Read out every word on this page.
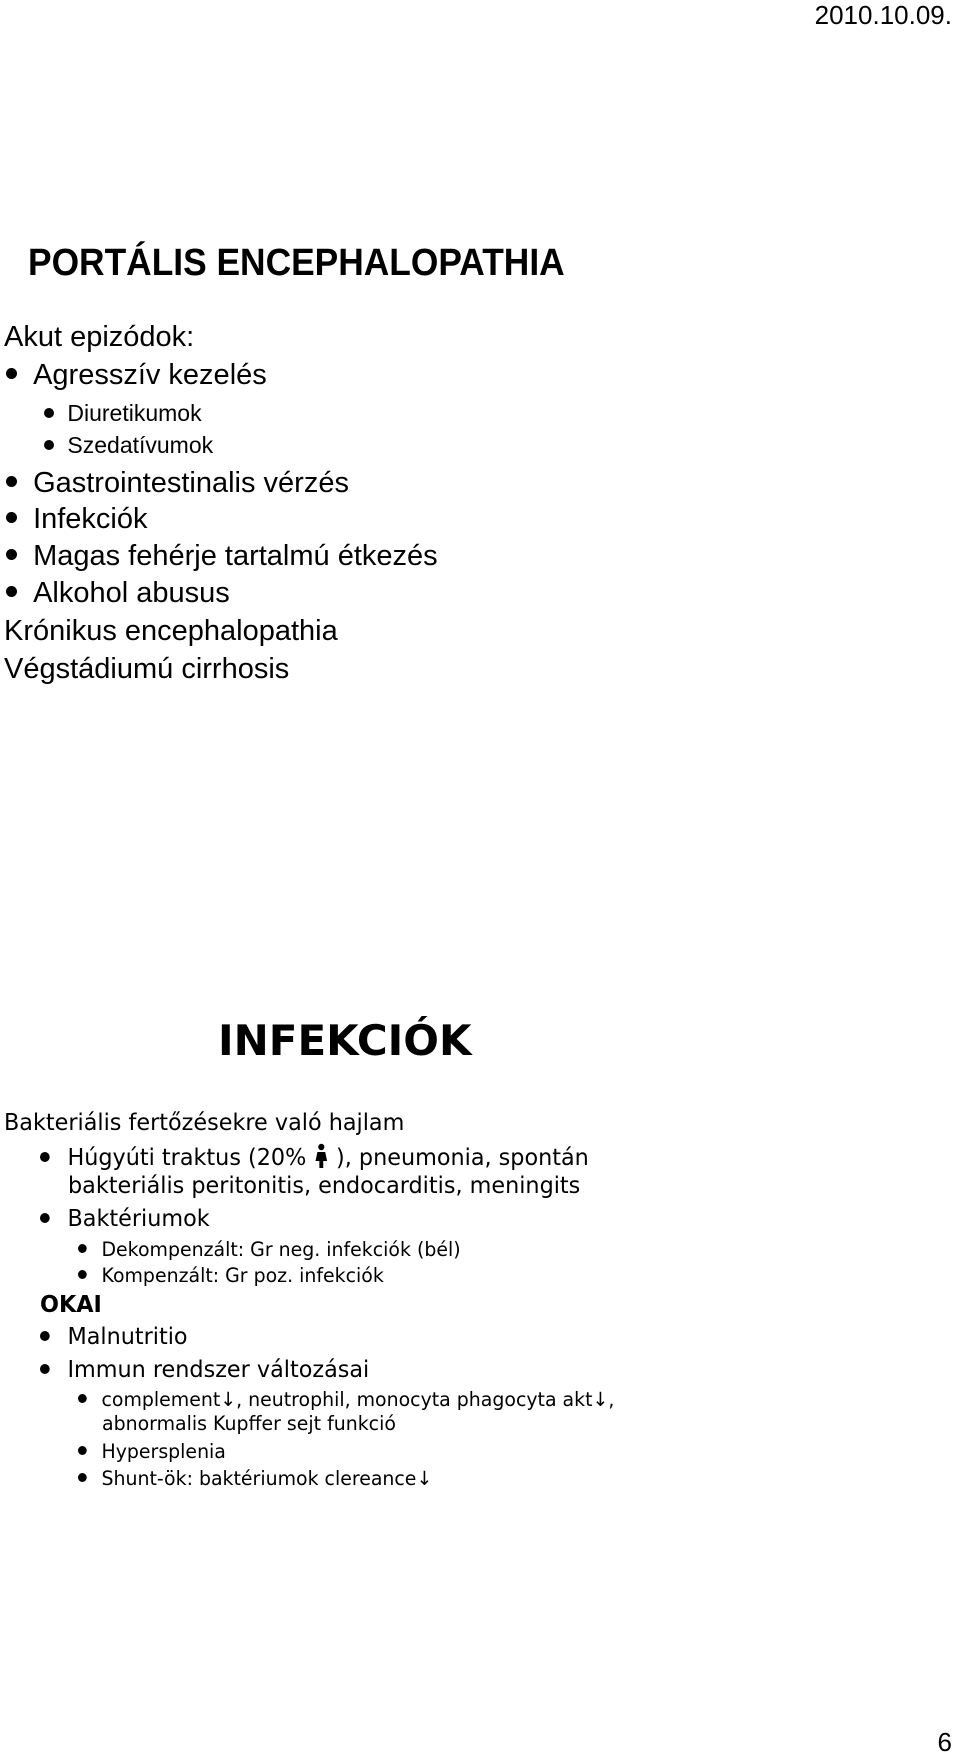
2010.10.09.
PORTÁLIS ENCEPHALOPATHIA
Akut epizódok:
Agresszív kezelés
Diuretikumok
Szedatívumok
Gastrointestinalis vérzés
Infekciók
Magas fehérje tartalmú étkezés
Alkohol abusus
Krónikus encephalopathia
Végstádiumú cirrhosis
INFEKCIÓK
Bakteriális fertőzésekre való hajlam
Húgyúti traktus (20% ), pneumonia, spontán
bakteriális peritonitis, endocarditis, meningits
Baktériumok
Dekompenzált: Gr neg. infekciók (bél)
Kompenzált: Gr poz. infekciók
OKAI
Malnutritio
Immun rendszer változásai
complement↓, neutrophil, monocyta phagocyta akt↓,
abnormalis Kupffer sejt funkció
Hypersplenia
Shunt-ök: baktériumok clereance↓
6
